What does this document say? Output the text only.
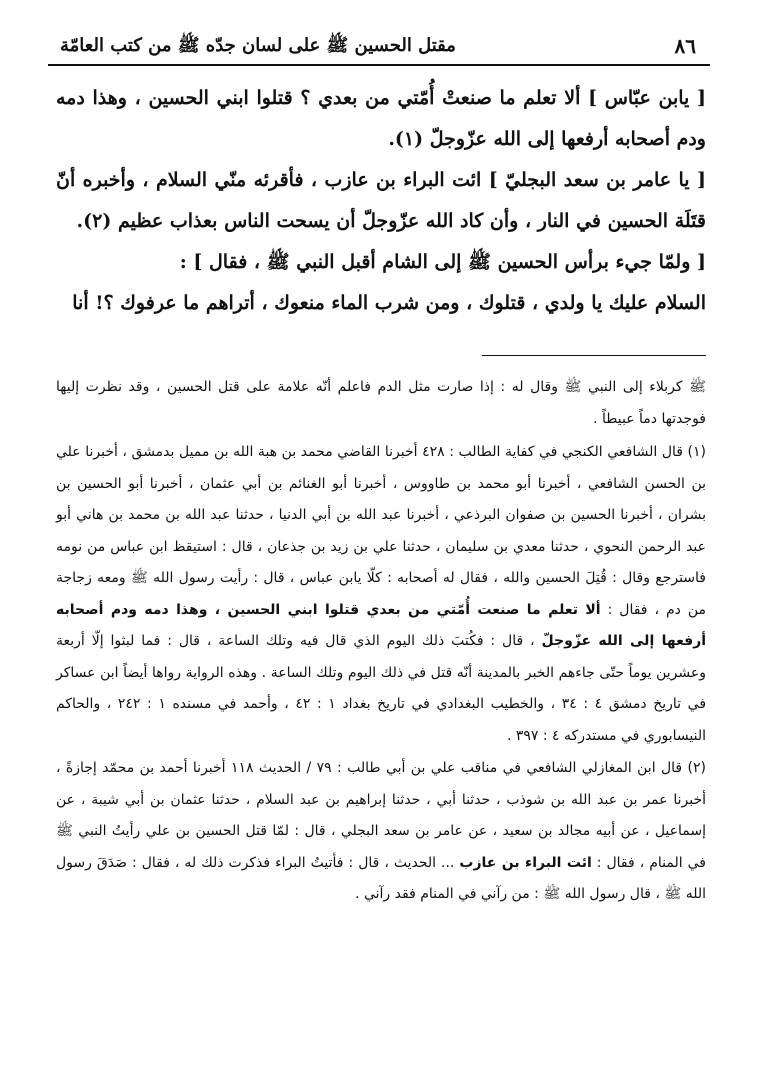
٨٦
مقتل الحسين ﷺ على لسان جدّه ﷺ من كتب العامّة

[ يابن عبّاس ] ألا تعلم ما صنعتْ أُمّتي من بعدي ؟ قتلوا ابني الحسين ، وهذا دمه ودم أصحابه أرفعها إلى الله عزّوجلّ (١).

[ يا عامر بن سعد البجليّ ] ائت البراء بن عازب ، فأقرئه منّي السلام ، وأخبره أنّ قتَلَة الحسين في النار ، وأن كاد الله عزّوجلّ أن يسحت الناس بعذاب عظيم (٢).

[ ولمّا جيء برأس الحسين ﷺ إلى الشام أقبل النبي ﷺ ، فقال ] :

السلام عليك يا ولدي ، قتلوك ، ومن شرب الماء منعوك ، أتراهم ما عرفوك ؟! أنا

ﷺ كربلاء إلى النبي ﷺ وقال له : إذا صارت مثل الدم فاعلم أنّه علامة على قتل الحسين ، وقد نظرت إليها فوجدتها دماً عبيطاً .

(١) قال الشافعي الكنجي في كفاية الطالب : ٤٢٨ أخبرنا القاضي محمد بن هبة الله بن مميل بدمشق ، أخبرنا علي بن الحسن الشافعي ، أخبرنا أبو محمد بن طاووس ، أخبرنا أبو الغنائم بن أبي عثمان ، أخبرنا أبو الحسين بن بشران ، أخبرنا الحسين بن صفوان البرذعي ، أخبرنا عبد الله بن أبي الدنيا ، حدثنا عبد الله بن محمد بن هاني أبو عبد الرحمن النحوي ، حدثنا معدي بن سليمان ، حدثنا علي بن زيد بن جذعان ، قال : استيقظ ابن عباس من نومه فاسترجع وقال : قُتِلَ الحسين والله ، فقال له أصحابه : كلّا يابن عباس ، قال : رأيت رسول الله ﷺ ومعه زجاجة من دم ، فقال : ألا تعلم ما صنعت أُمّتي من بعدي قتلوا ابني الحسين ، وهذا دمه ودم أصحابه أرفعها إلى الله عزّوجلّ ، قال : فكُتبَ ذلك اليوم الذي قال فيه وتلك الساعة ، قال : فما لبثوا إلّا أربعة وعشرين يوماً حتّى جاءهم الخبر بالمدينة أنّه قتل في ذلك اليوم وتلك الساعة . وهذه الرواية رواها أيضاً ابن عساكر في تاريخ دمشق ٤ : ٣٤ ، والخطيب البغدادي في تاريخ بغداد ١ : ٤٢ ، وأحمد في مسنده ١ : ٢٤٢ ، والحاكم النيسابوري في مستدركه ٤ : ٣٩٧ .

(٢) قال ابن المغازلي الشافعي في مناقب علي بن أبي طالب : ٧٩ / الحديث ١١٨ أخبرنا أحمد بن محمّد إجازةً ، أخبرنا عمر بن عبد الله بن شوذب ، حدثنا أبي ، حدثنا إبراهيم بن عبد السلام ، حدثنا عثمان بن أبي شيبة ، عن إسماعيل ، عن أبيه مجالد بن سعيد ، عن عامر بن سعد البجلي ، قال : لمّا قتل الحسين بن علي رأيتُ النبي ﷺ في المنام ، فقال : ائت البراء بن عازب ... الحديث ، قال : فأتيتُ البراء فذكرت ذلك له ، فقال : صَدَقَ رسول الله ﷺ ، قال رسول الله ﷺ : من رآني في المنام فقد رآني .
